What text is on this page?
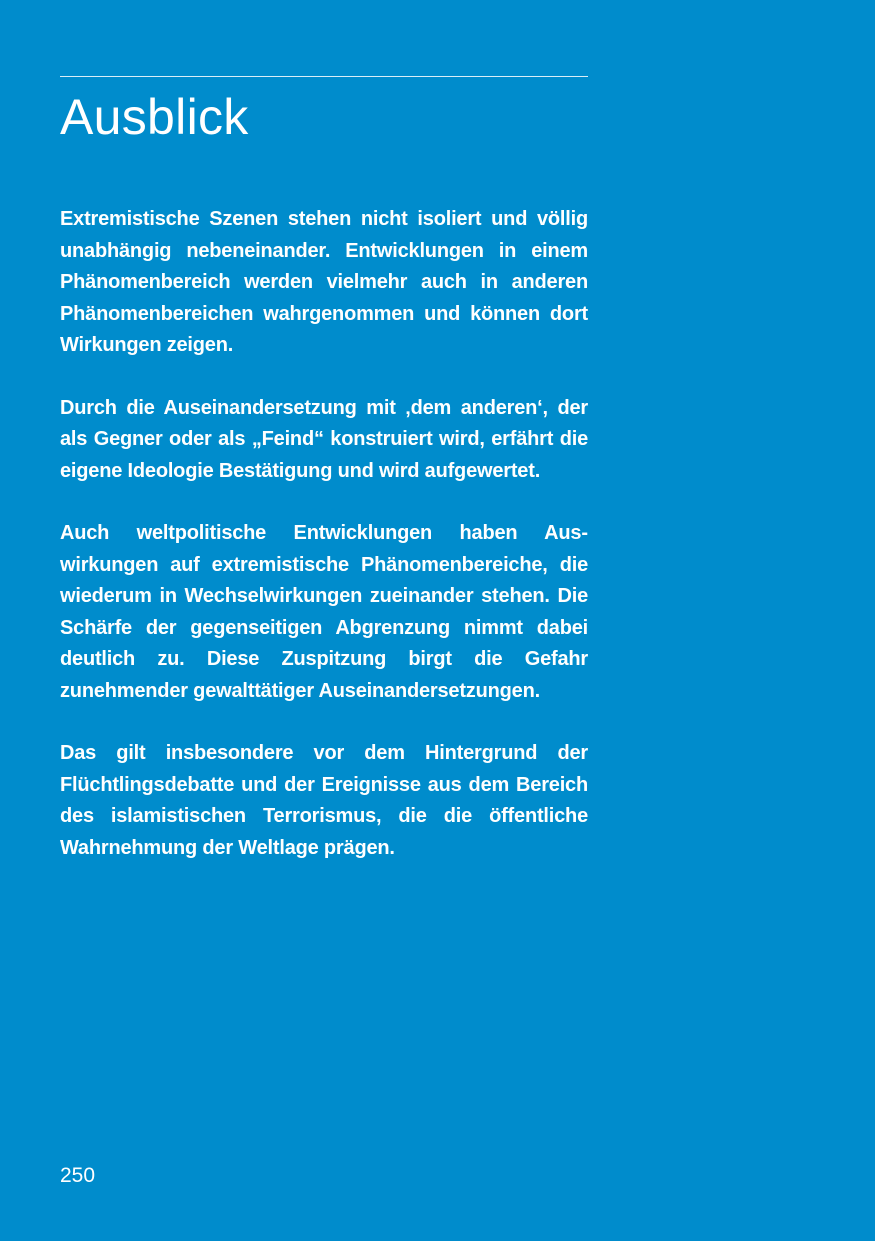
Ausblick

Extremistische Szenen stehen nicht isoliert und völlig unabhängig nebeneinander. Entwicklungen in einem Phänomenbereich werden vielmehr auch in anderen Phänomenbereichen wahrgenommen und können dort Wirkungen zeigen.

Durch die Auseinandersetzung mit ‚dem anderen‘, der als Gegner oder als „Feind“ konstruiert wird, erfährt die eigene Ideologie Bestätigung und wird aufgewertet.

Auch weltpolitische Entwicklungen haben Auswirkungen auf extremistische Phänomenbereiche, die wiederum in Wechselwirkungen zueinander stehen. Die Schärfe der gegenseitigen Abgrenzung nimmt dabei deutlich zu. Diese Zuspitzung birgt die Gefahr zunehmender gewalttätiger Auseinandersetzungen.

Das gilt insbesondere vor dem Hintergrund der Flüchtlingsdebatte und der Ereignisse aus dem Bereich des islamistischen Terrorismus, die die öffentliche Wahrnehmung der Weltlage prägen.

250
